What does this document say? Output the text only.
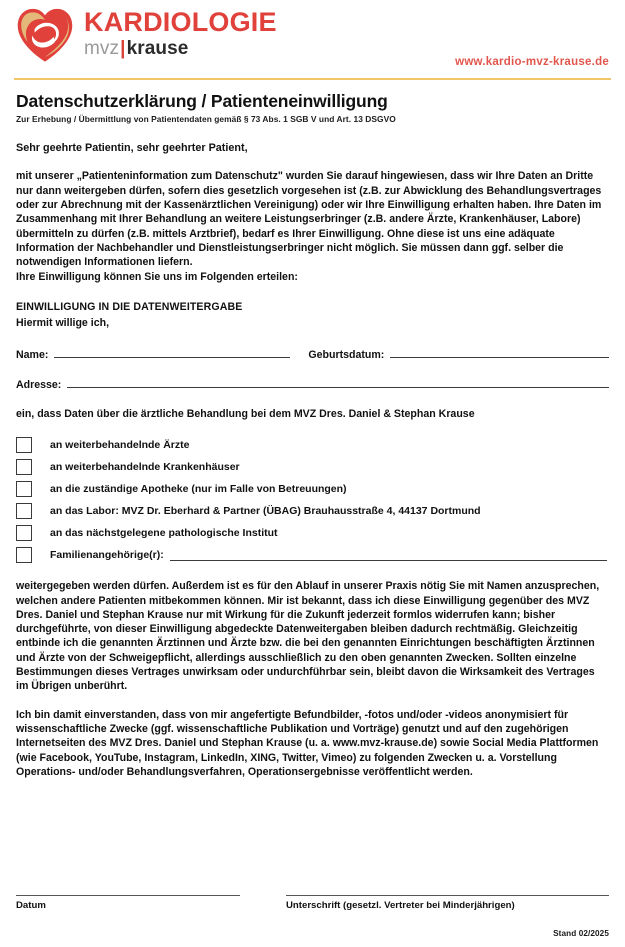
KARDIOLOGIE
mvz|krause
www.kardio-mvz-krause.de
Datenschutzerklärung / Patienteneinwilligung
Zur Erhebung / Übermittlung von Patientendaten gemäß § 73 Abs. 1 SGB V und Art. 13 DSGVO
Sehr geehrte Patientin, sehr geehrter Patient,
mit unserer „Patienteninformation zum Datenschutz" wurden Sie darauf hingewiesen, dass wir Ihre Daten an Dritte nur dann weitergeben dürfen, sofern dies gesetzlich vorgesehen ist (z.B. zur Abwicklung des Behandlungsvertrages oder zur Abrechnung mit der Kassenärztlichen Vereinigung) oder wir Ihre Einwilligung erhalten haben. Ihre Daten im Zusammenhang mit Ihrer Behandlung an weitere Leistungserbringer (z.B. andere Ärzte, Krankenhäuser, Labore) übermitteln zu dürfen (z.B. mittels Arztbrief), bedarf es Ihrer Einwilligung. Ohne diese ist uns eine adäquate Information der Nachbehandler und Dienstleistungserbringer nicht möglich. Sie müssen dann ggf. selber die notwendigen Informationen liefern.
Ihre Einwilligung können Sie uns im Folgenden erteilen:
EINWILLIGUNG IN DIE DATENWEITERGABE
Hiermit willige ich,
Name:	Geburtsdatum:
Adresse:
ein, dass Daten über die ärztliche Behandlung bei dem MVZ Dres. Daniel & Stephan Krause
an weiterbehandelnde Ärzte
an weiterbehandelnde Krankenhäuser
an die zuständige Apotheke (nur im Falle von Betreuungen)
an das Labor: MVZ Dr. Eberhard & Partner (ÜBAG) Brauhausstraße 4, 44137 Dortmund
an das nächstgelegene pathologische Institut
Familienangehörige(r):
weitergegeben werden dürfen. Außerdem ist es für den Ablauf in unserer Praxis nötig Sie mit Namen anzusprechen, welchen andere Patienten mitbekommen können. Mir ist bekannt, dass ich diese Einwilligung gegenüber des MVZ Dres. Daniel und Stephan Krause nur mit Wirkung für die Zukunft jederzeit formlos widerrufen kann; bisher durchgeführte, von dieser Einwilligung abgedeckte Datenweitergaben bleiben dadurch rechtmäßig. Gleichzeitig entbinde ich die genannten Ärztinnen und Ärzte bzw. die bei den genannten Einrichtungen beschäftigten Ärztinnen und Ärzte von der Schweigepflicht, allerdings ausschließlich zu den oben genannten Zwecken. Sollten einzelne Bestimmungen dieses Vertrages unwirksam oder undurchführbar sein, bleibt davon die Wirksamkeit des Vertrages im Übrigen unberührt.
Ich bin damit einverstanden, dass von mir angefertigte Befundbilder, -fotos und/oder -videos anonymisiert für wissenschaftliche Zwecke (ggf. wissenschaftliche Publikation und Vorträge) genutzt und auf den zugehörigen Internetseiten des MVZ Dres. Daniel und Stephan Krause (u. a. www.mvz-krause.de) sowie Social Media Plattformen (wie Facebook, YouTube, Instagram, LinkedIn, XING, Twitter, Vimeo) zu folgenden Zwecken u. a. Vorstellung Operations- und/oder Behandlungsverfahren, Operationsergebnisse veröffentlicht werden.
Datum	Unterschrift (gesetzl. Vertreter bei Minderjährigen)
Stand 02/2025
